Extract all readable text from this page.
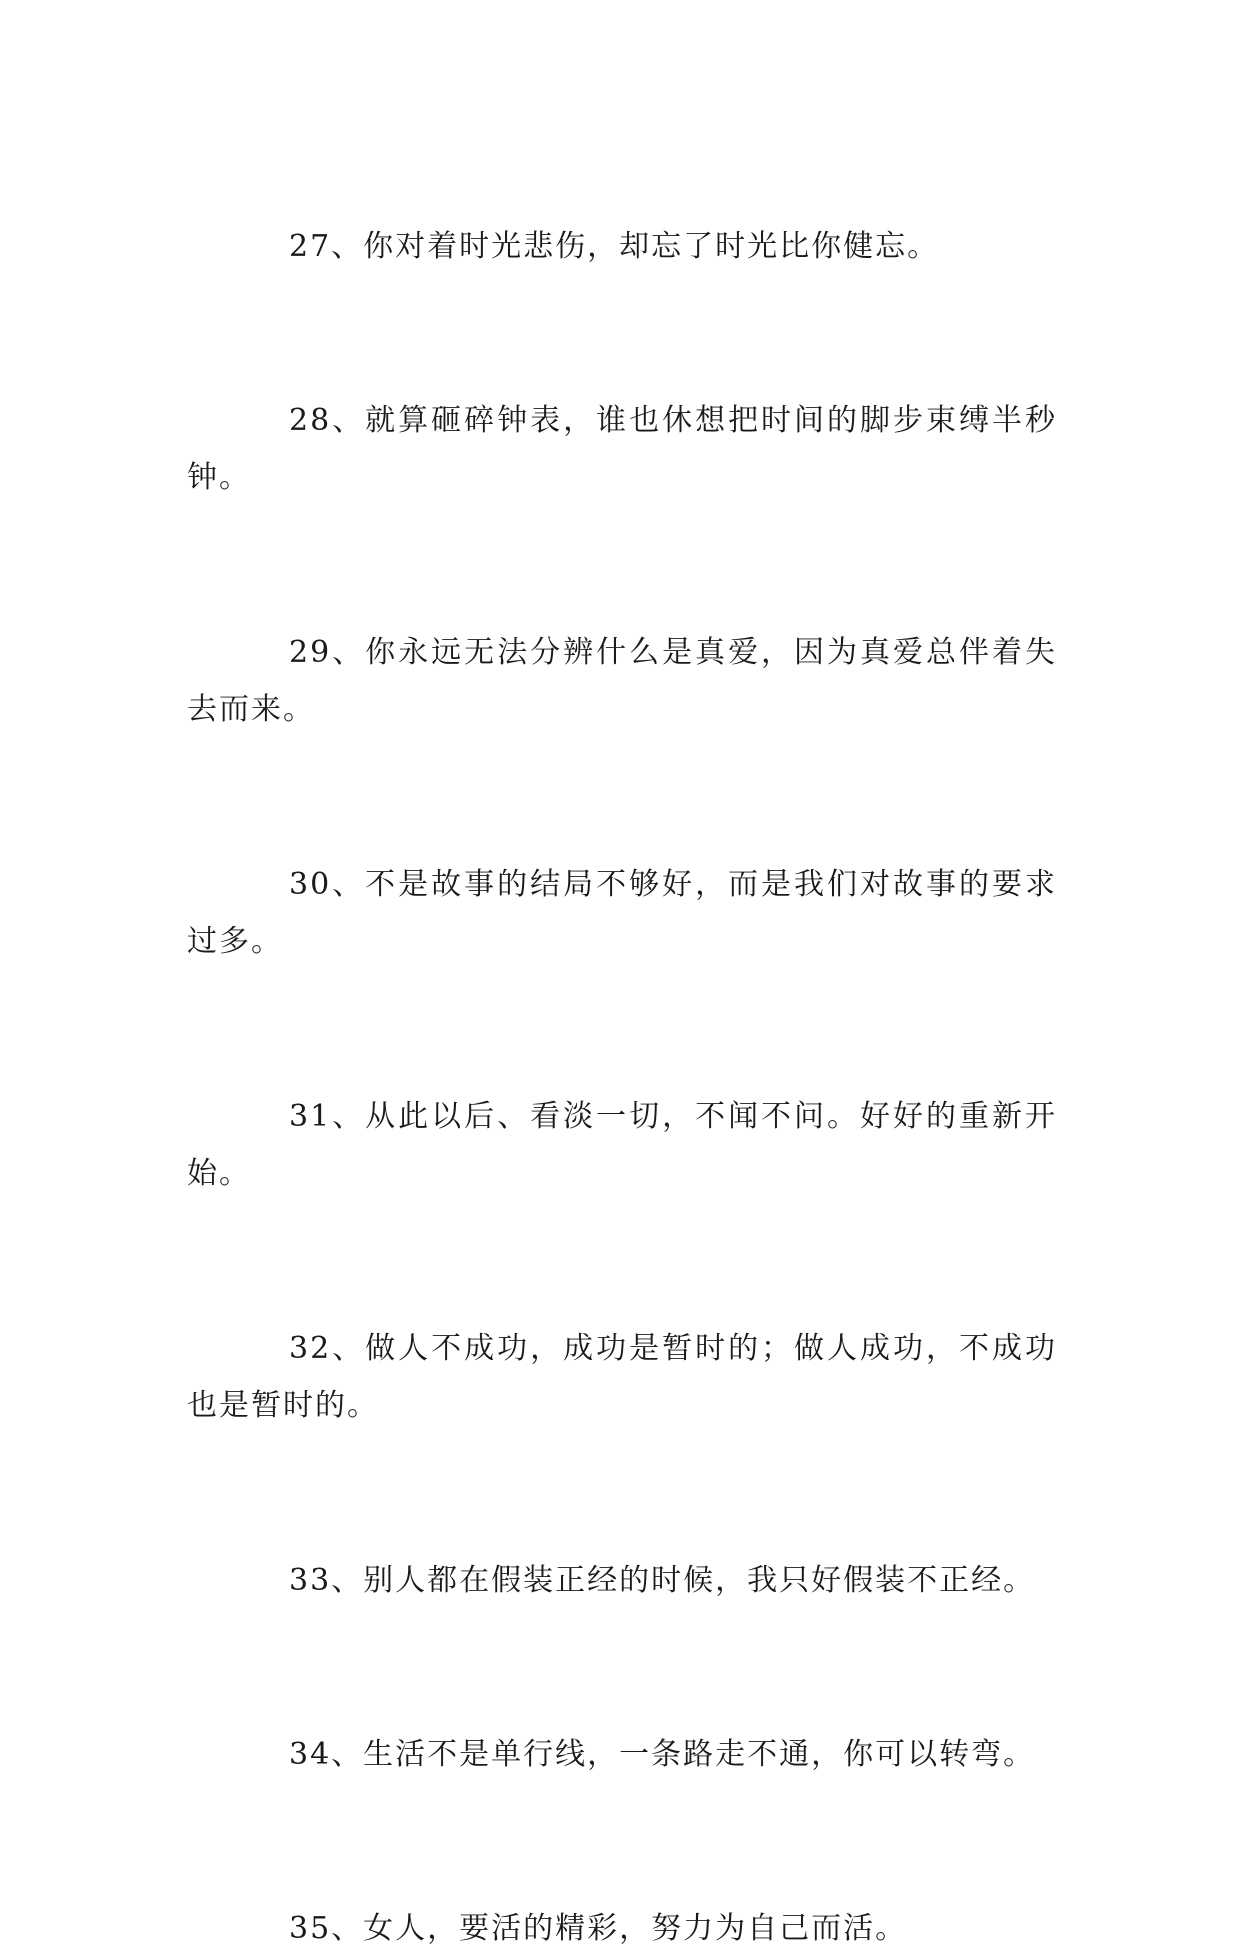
27、你对着时光悲伤，却忘了时光比你健忘。

28、就算砸碎钟表，谁也休想把时间的脚步束缚半秒钟。

29、你永远无法分辨什么是真爱，因为真爱总伴着失去而来。

30、不是故事的结局不够好，而是我们对故事的要求过多。

31、从此以后、看淡一切，不闻不问。好好的重新开始。

32、做人不成功，成功是暂时的；做人成功，不成功也是暂时的。

33、别人都在假装正经的时候，我只好假装不正经。

34、生活不是单行线，一条路走不通，你可以转弯。

35、女人，要活的精彩，努力为自己而活。
